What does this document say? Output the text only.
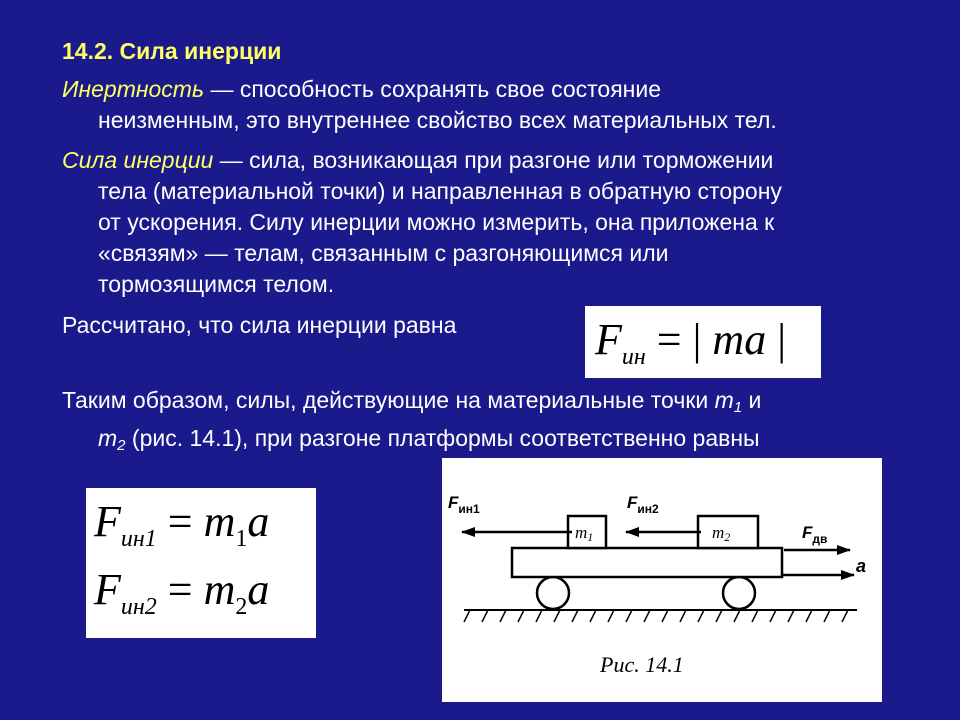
14.2. Сила инерции
Инертность — способность сохранять свое состояние
неизменным, это внутреннее свойство всех материальных тел.
Сила инерции — сила, возникающая при разгоне или торможении
тела (материальной точки) и направленная в обратную сторону
от ускорения. Силу инерции можно измерить, она приложена к
«связям» — телам, связанным с разгоняющимся или
тормозящимся телом.
Рассчитано, что сила инерции равна
Таким образом, силы, действующие на материальные точки $m_1$ и
$m_2$ (рис. 14.1), при разгоне платформы соответственно равны
$F_{ин}$ = | ma |
$F_{ин1} = m_1a$
$F_{ин2} = m_2a$
m1	m2
$F_{ин1}$	$F_{ин2}$
$F_{дв}$
a
Рис. 14.1
